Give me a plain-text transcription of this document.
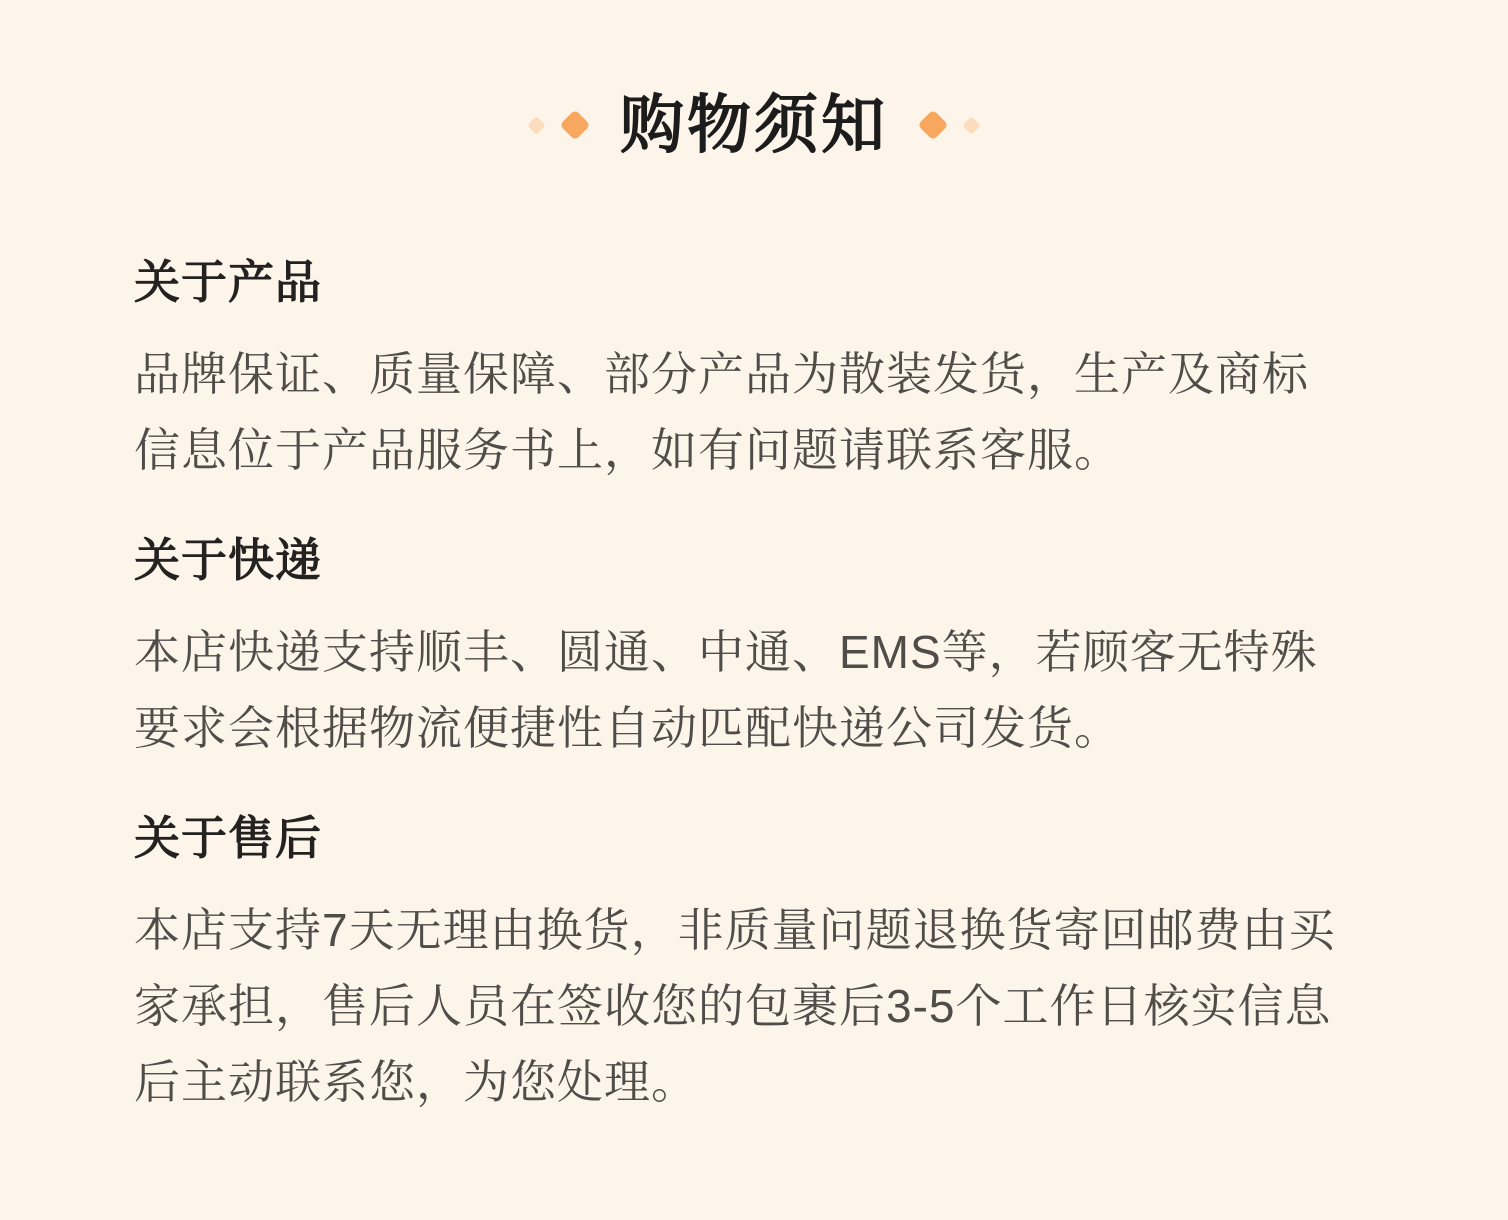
购物须知
关于产品
品牌保证、质量保障、部分产品为散装发货，生产及商标
信息位于产品服务书上，如有问题请联系客服。
关于快递
本店快递支持顺丰、圆通、中通、EMS等，若顾客无特殊
要求会根据物流便捷性自动匹配快递公司发货。
关于售后
本店支持7天无理由换货，非质量问题退换货寄回邮费由买
家承担，售后人员在签收您的包裹后3-5个工作日核实信息
后主动联系您，为您处理。
